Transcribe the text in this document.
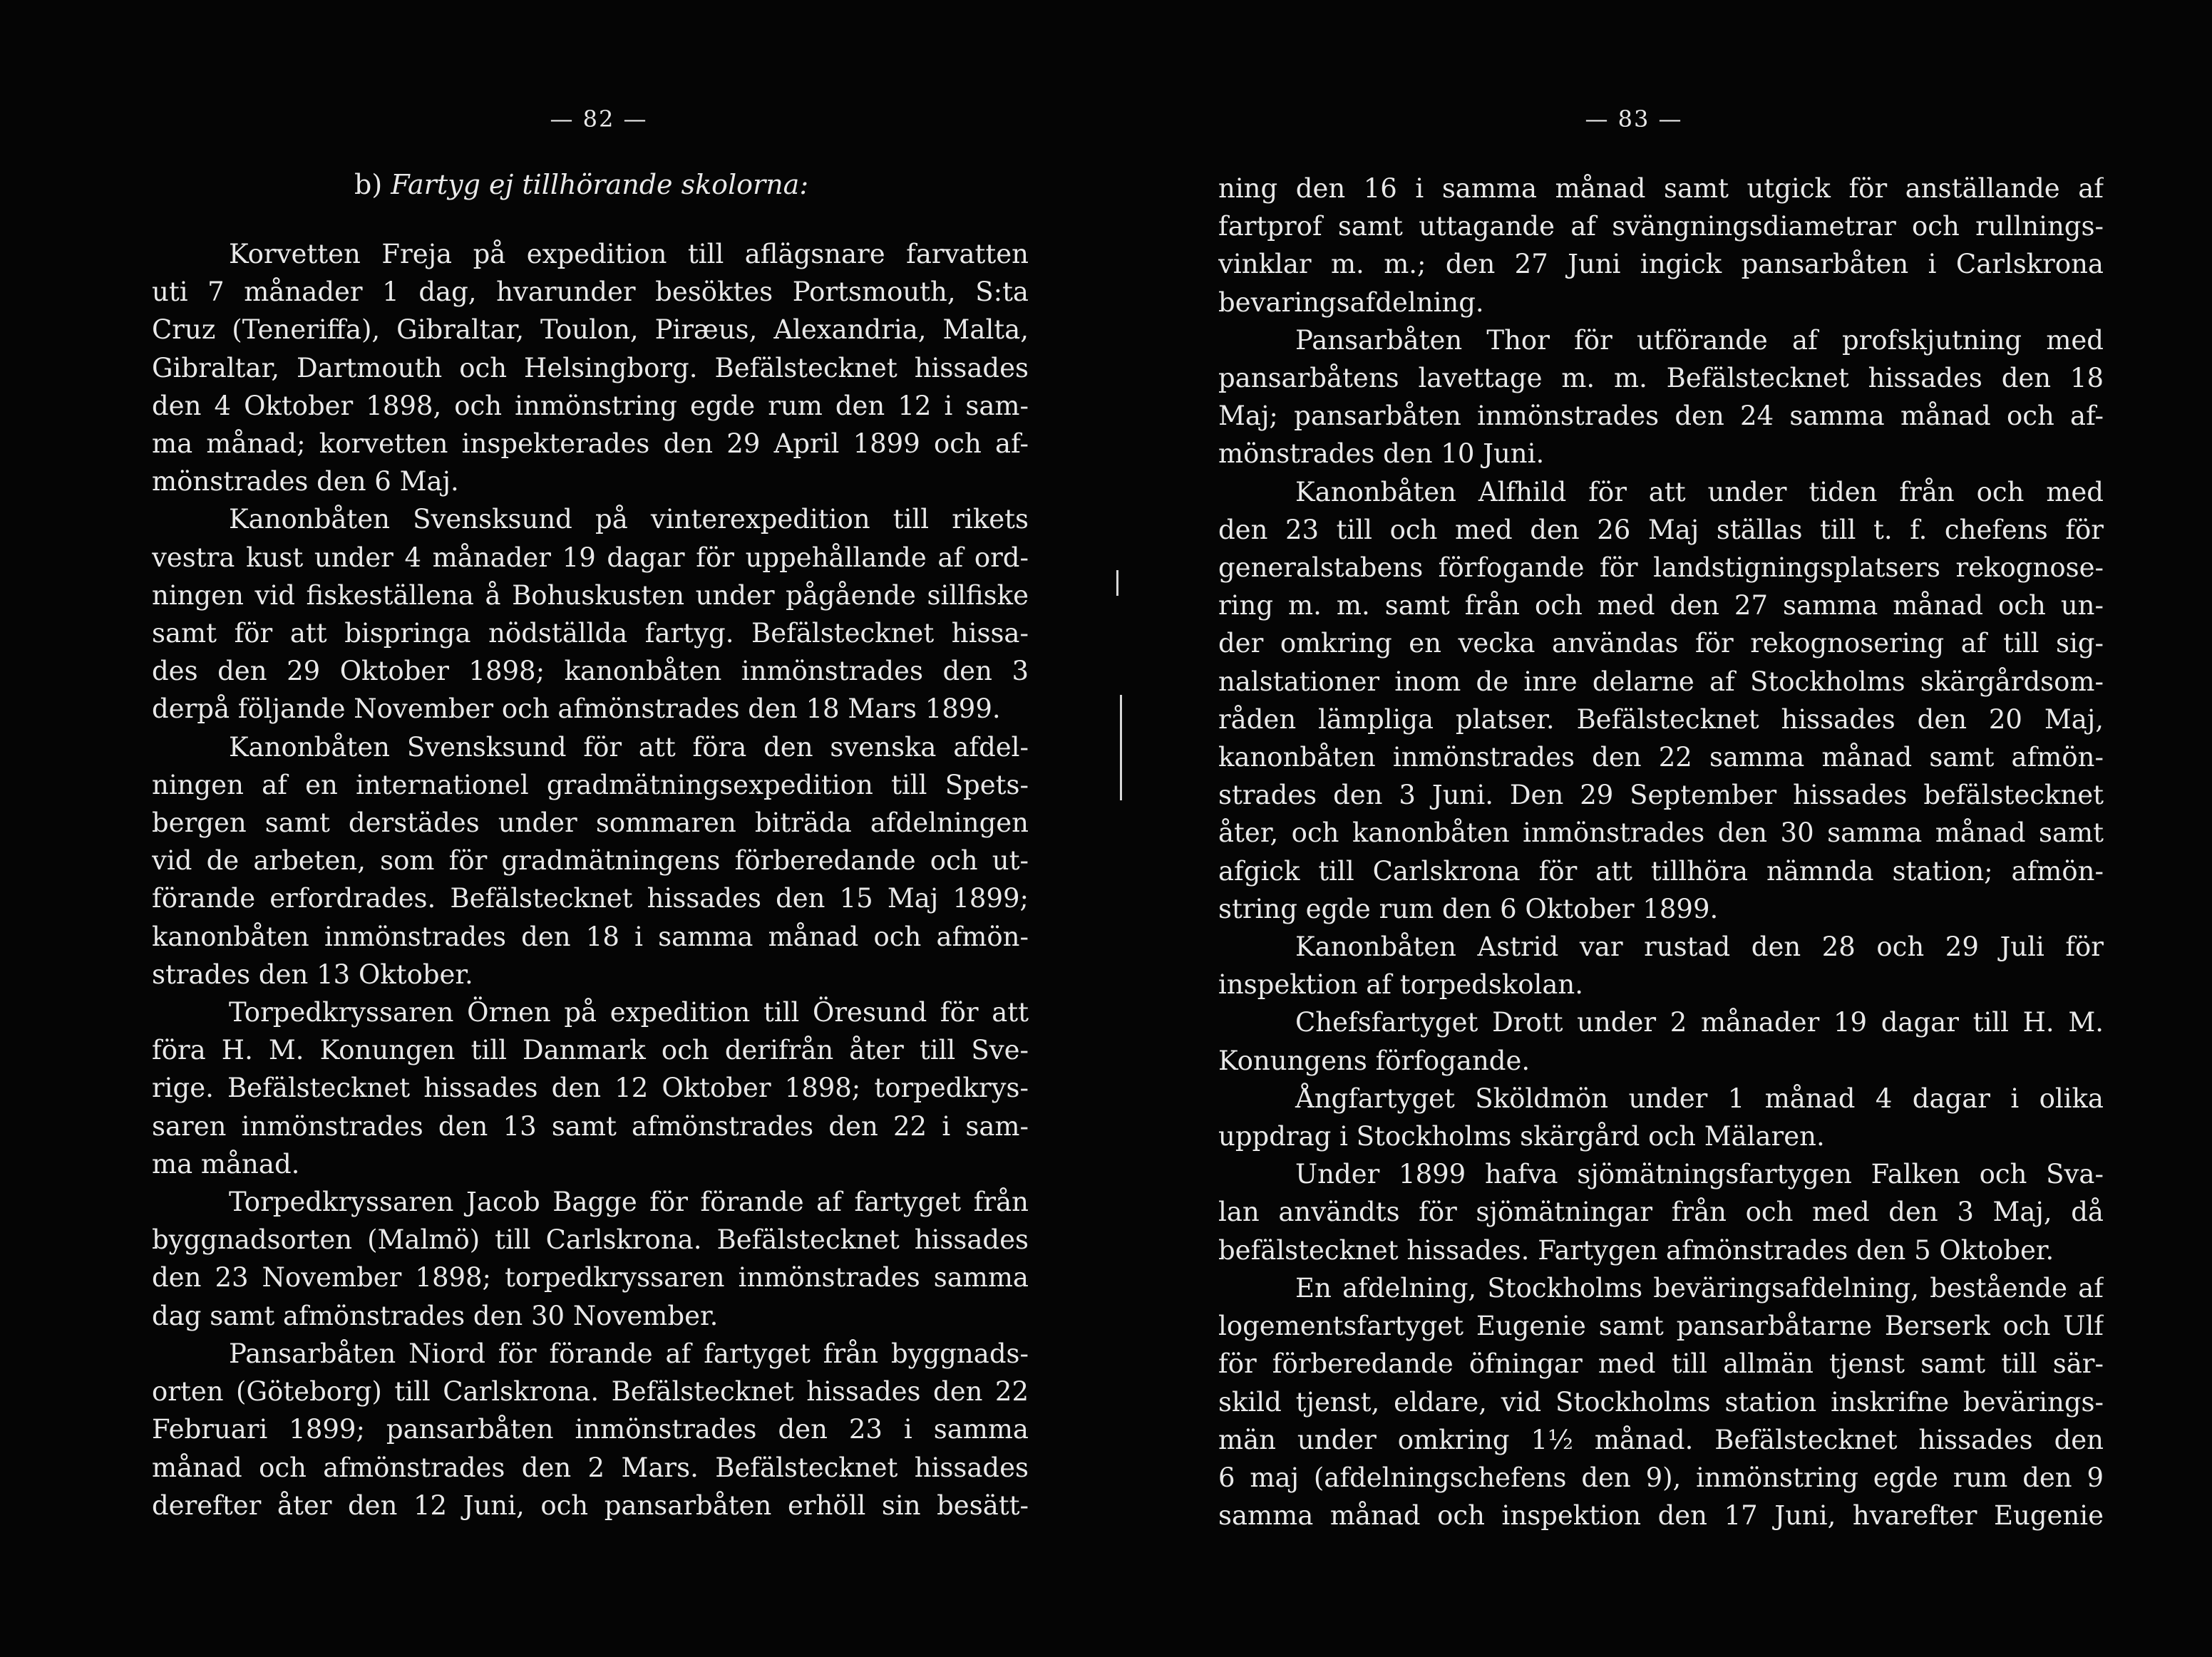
— 82 —
b) Fartyg ej tillhörande skolorna:
Korvetten Freja på expedition till aflägsnare farvatten
uti 7 månader 1 dag, hvarunder besöktes Portsmouth, S:ta
Cruz (Teneriffa), Gibraltar, Toulon, Piræus, Alexandria, Malta,
Gibraltar, Dartmouth och Helsingborg. Befälstecknet hissades
den 4 Oktober 1898, och inmönstring egde rum den 12 i sam-
ma månad; korvetten inspekterades den 29 April 1899 och af-
mönstrades den 6 Maj.
Kanonbåten Svensksund på vinterexpedition till rikets
vestra kust under 4 månader 19 dagar för uppehållande af ord-
ningen vid fiskeställena å Bohuskusten under pågående sillfiske
samt för att bispringa nödställda fartyg. Befälstecknet hissa-
des den 29 Oktober 1898; kanonbåten inmönstrades den 3
derpå följande November och afmönstrades den 18 Mars 1899.
Kanonbåten Svensksund för att föra den svenska afdel-
ningen af en internationel gradmätningsexpedition till Spets-
bergen samt derstädes under sommaren biträda afdelningen
vid de arbeten, som för gradmätningens förberedande och ut-
förande erfordrades. Befälstecknet hissades den 15 Maj 1899;
kanonbåten inmönstrades den 18 i samma månad och afmön-
strades den 13 Oktober.
Torpedkryssaren Örnen på expedition till Öresund för att
föra H. M. Konungen till Danmark och derifrån åter till Sve-
rige. Befälstecknet hissades den 12 Oktober 1898; torpedkrys-
saren inmönstrades den 13 samt afmönstrades den 22 i sam-
ma månad.
Torpedkryssaren Jacob Bagge för förande af fartyget från
byggnadsorten (Malmö) till Carlskrona. Befälstecknet hissades
den 23 November 1898; torpedkryssaren inmönstrades samma
dag samt afmönstrades den 30 November.
Pansarbåten Niord för förande af fartyget från byggnads-
orten (Göteborg) till Carlskrona. Befälstecknet hissades den 22
Februari 1899; pansarbåten inmönstrades den 23 i samma
månad och afmönstrades den 2 Mars. Befälstecknet hissades
derefter åter den 12 Juni, och pansarbåten erhöll sin besätt-
— 83 —
ning den 16 i samma månad samt utgick för anställande af
fartprof samt uttagande af svängningsdiametrar och rullnings-
vinklar m. m.; den 27 Juni ingick pansarbåten i Carlskrona
bevaringsafdelning.
Pansarbåten Thor för utförande af profskjutning med
pansarbåtens lavettage m. m. Befälstecknet hissades den 18
Maj; pansarbåten inmönstrades den 24 samma månad och af-
mönstrades den 10 Juni.
Kanonbåten Alfhild för att under tiden från och med
den 23 till och med den 26 Maj ställas till t. f. chefens för
generalstabens förfogande för landstigningsplatsers rekognose-
ring m. m. samt från och med den 27 samma månad och un-
der omkring en vecka användas för rekognosering af till sig-
nalstationer inom de inre delarne af Stockholms skärgårdsom-
råden lämpliga platser. Befälstecknet hissades den 20 Maj,
kanonbåten inmönstrades den 22 samma månad samt afmön-
strades den 3 Juni. Den 29 September hissades befälstecknet
åter, och kanonbåten inmönstrades den 30 samma månad samt
afgick till Carlskrona för att tillhöra nämnda station; afmön-
string egde rum den 6 Oktober 1899.
Kanonbåten Astrid var rustad den 28 och 29 Juli för
inspektion af torpedskolan.
Chefsfartyget Drott under 2 månader 19 dagar till H. M.
Konungens förfogande.
Ångfartyget Sköldmön under 1 månad 4 dagar i olika
uppdrag i Stockholms skärgård och Mälaren.
Under 1899 hafva sjömätningsfartygen Falken och Sva-
lan användts för sjömätningar från och med den 3 Maj, då
befälstecknet hissades. Fartygen afmönstrades den 5 Oktober.
En afdelning, Stockholms beväringsafdelning, bestående af
logementsfartyget Eugenie samt pansarbåtarne Berserk och Ulf
för förberedande öfningar med till allmän tjenst samt till sär-
skild tjenst, eldare, vid Stockholms station inskrifne bevärings-
män under omkring 1½ månad. Befälstecknet hissades den
6 maj (afdelningschefens den 9), inmönstring egde rum den 9
samma månad och inspektion den 17 Juni, hvarefter Eugenie
